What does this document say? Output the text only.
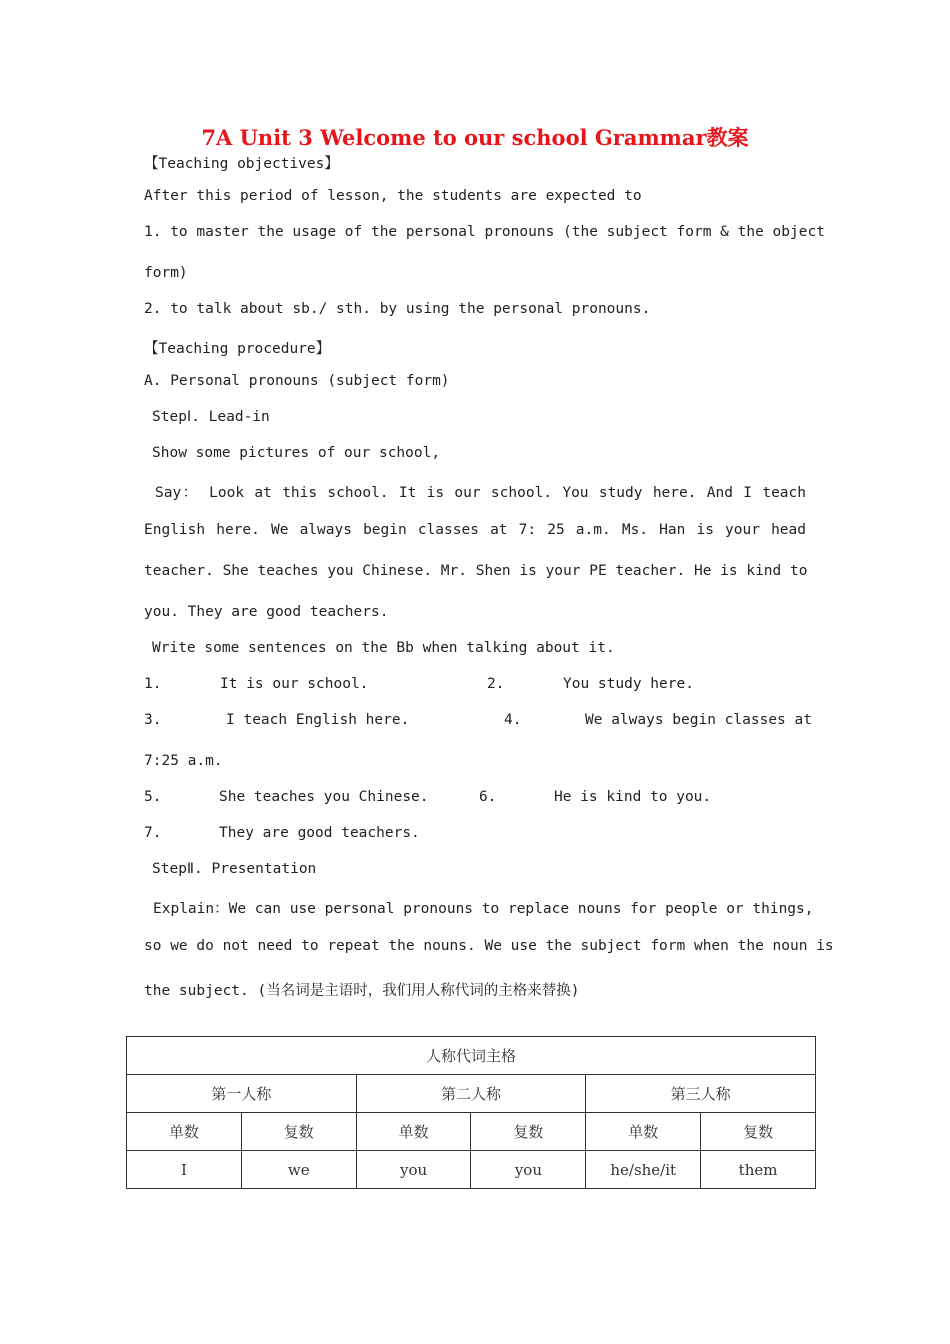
7A Unit 3 Welcome to our school Grammar教案
【Teaching objectives】
After this period of lesson, the students are expected to
1. to master the usage of the personal pronouns (the subject form & the object
form)
2. to talk about sb./ sth. by using the personal pronouns.
【Teaching procedure】
A. Personal pronouns (subject form)
StepⅠ. Lead-in
Show some pictures of our school,
Say： Look at this school. It is our school. You study here. And I teach
English here. We always begin classes at 7: 25 a.m. Ms. Han is your head
teacher. She teaches you Chinese. Mr. Shen is your PE teacher. He is kind to
you. They are good teachers.
Write some sentences on the Bb when talking about it.
1.	It is our school.	2.	You study here.
3.	I teach English here.	4.	We always begin classes at
7:25 a.m.
5.	She teaches you Chinese.	6.	He is kind to you.
7.	They are good teachers.
StepⅡ. Presentation
Explain：We can use personal pronouns to replace nouns for people or things,
so we do not need to repeat the nouns. We use the subject form when the noun is
the subject. (当名词是主语时，我们用人称代词的主格来替换)
人称代词主格					
第一人称		第二人称		第三人称	
单数	复数	单数	复数	单数	复数
I	we	you	you	he/she/it	them
